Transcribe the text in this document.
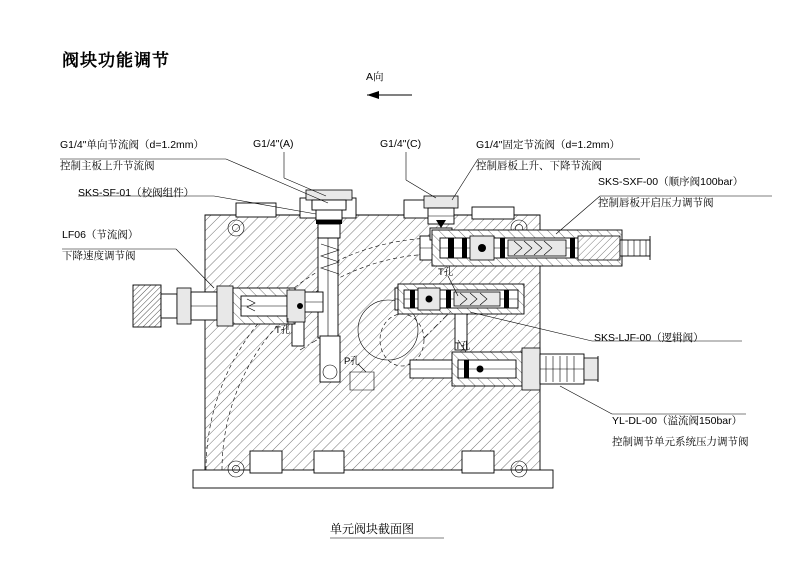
阀块功能调节
A向
G1/4"单向节流阀（d=1.2mm）
控制主板上升节流阀
SKS-SF-01（校阀组件）
LF06（节流阀）
下降速度调节阀
G1/4"(A)	G1/4"(C)	G1/4"固定节流阀（d=1.2mm）
控制唇板上升、下降节流阀
SKS-SXF-00（顺序阀100bar）
控制唇板开启压力调节阀
SKS-LJF-00（逻辑阀）
YL-DL-00（溢流阀150bar）
控制调节单元系统压力调节阀
T孔
T孔
T孔
P孔
单元阀块截面图
